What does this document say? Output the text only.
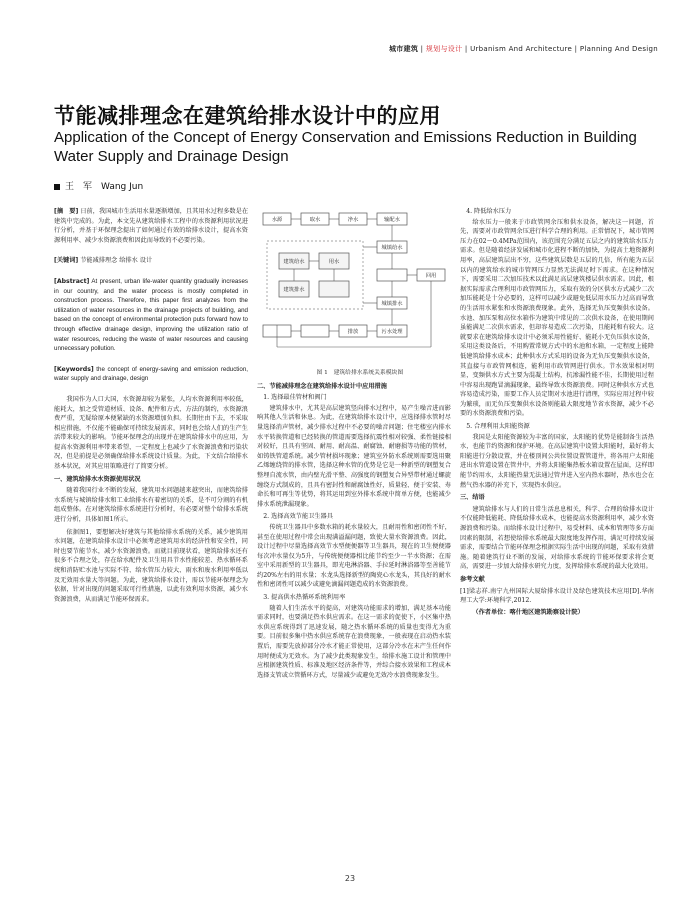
城市建筑 | 规划与设计 | Urbanism And Architecture | Planning And Design
节能减排理念在建筑给排水设计中的应用
Application of the Concept of Energy Conservation and Emissions Reduction in Building Water Supply and Drainage Design
王　军　Wang Jun

[摘　要] 日前，我国城市生活用水量逐渐增加，且其用水过程多数是在建筑中完成的。为此，本文先从建筑给排水工程中的水资源利用状况进行分析，并基于环保理念提出了如何通过有效的给排水设计，提高水资源利用率、减少水资源浪费和因此而导致的不必要污染。

[关键词] 节能减排理念 给排水 设计

[Abstract] At present, urban life-water quantity gradually increases in our country, and the water process is mostly completed in construction process. Therefore, this paper first analyzes from the utilization of water resources in the drainage projects of building, and based on the concept of environmental protection puts forward how to through effective drainage design, improving the utilization ratio of water resources, reducing the waste of water resources and causing unnecessary pollution.

[Keywords] the concept of energy-saving and emission reduction, water supply and drainage, design

我国作为人口大国，水资源却较为紧张，人均水资源利用率较低，能耗大，加之受管道材质、设备、配件和方式、方法的制约，水资源浪费严重，无疑给原本便紧缺的水资源增加负担。长期往由下去，不采取相应措施，不仅能不能确保可持续发展需求，同时也会给人们的生产生活带来较大的影响。节能环保理念的出现并在建筑给排水中的应用，为提高水资源利用率带来希望，一定程度上也减少了水资源浪费和污染状况，但是前提是必须确保给排水系统设计质量。为此，下文结合给排水基本状况，对其应用策略进行了简要分析。

一、建筑给排水水资源使用状况

随着我国行业不断的发展，建筑用水问题越来越突出，而建筑给排水系统与城镇给排水和工业给排水有着密切的关系，是不可分割的有机组成整体。在对建筑给排水系统进行分析时，有必要对整个给排水系统进行分析，具体如图1所示。

依据图1，要想解决好建筑与其他给排水系统的关系，减少建筑用水问题，在建筑给排水设计中必须考虑建筑用水的经济性和安全性，同时也要节能节水，减少水资源浪费。而就目前现状看，建筑给排水还有很多不合理之处，存在给水配件及卫生用具节水性能较差、热水循环系统和消防贮水池与实际不符、给水管压力较大、雨水和废水利用率低以及无效用水量大等问题。为此，建筑给排水设计，需以节能环保理念为依据，针对出现的问题采取可行性措施，以此有效利用水资源，减少水资源浪费，从而满足节能环保需求。

水源	取水	净水	输配水
城镇给水
建筑给水	用水
建筑排水
城镇排水
污水处理
排放
回用

图 1　建筑给排水系统关系模块图

二、节能减排理念在建筑给排水设计中应用措施

1. 选择最佳管材和阀门

建筑排水中，尤其是高层建筑竖向排水过程中，易产生噪音进而影响其他人生活和休息。为此，在建筑给排水设计中，应选择排水管时尽量选择消声管材，减少排水过程中不必要的噪音问题；住宅楼室内排水水平转换管道和已经转换的管道需要选择抗震性相对较强、柔性链接相对较好，且具有坚固、耐用、耐高温、耐腐蚀、耐磨损等功能的管材，如铸铁管道系统。减少管材损坏现象；建筑室外防水系统则需要选用聚乙烯缠绕管的排水管，选择这种水管的优势是它是一种新型的钢塑复合整埋自流水管，由内壁光滑平整、高强度的钢塑复合异型带材通过螺旋缠绕方式制成的，且具有密封性和耐腐蚀性好，质量轻、便于安装、寿命长和可再生等优势，将其运用到室外排水系统中简单方便，也能减少排水系统泄漏现象。

2. 选择高效节能卫生器具

传统卫生器具中多数水箱的耗水量较大，且耐用性和密闭性不好，甚至在使用过程中常会出现满溢漏问题，致使大量水资源浪费。因此，设计过程中尽量选择高效节水型便便器等卫生器具，现在的卫生便便器每次冲水量仅为5升，与传统便便器相比能节约至少一半水资源；在需室中采用新型的卫生器具，即光电淋浴器、手拉延时淋浴器等至善能节约20%左右的用水量；水龙头选择新型的陶瓷心水龙头，其良好的耐水性和密闭性可以减少或避免滴漏问题造成的水资源浪费。

3. 提高供水热循环系统利用率

随着人们生活水平的提高，对建筑功能需求的增加，满足基本功能需求同时，也要满足热水供应需求。在这一需求的促使下，小区集中热水供应系统得到了迅速发展，随之热水循环系统的质量也变得尤为重要。目前很多集中热水供应系统存在浪费现象，一般表现在启动热水装置后，需要先放掉部分冷水才能正常使用，这部分冷水在末产生任何作用时便成为无效水。为了减少此类现象发生，给排水施工设计和管理中应根据建筑性质、标准及地区经济条件等，并综合接水效果和工程成本选择支管或立管循环方式，尽量减少或避免无效冷水浪费现象发生。

4. 降低给水压力

给水压力一般来于市政管网余压和供水设备，解决这一问题，首先，需要对市政管网余压进行科学合理的利用。正常情况下，城市管网压力在02～0.4MPa范围内，该范围充分满足五层之内的建筑给水压力需求。但是随着经济发展和城市化进程不断的加快，为提高土地资源利用率，高层建筑层出不穷，这些建筑层数是五层的几倍，所有能为五层以内的建筑给水的城市管网压力显然无法满足时下需求。在这种情况下，需要采用二次加压技术以此满足高层建筑楼层供水需求。因此，根据实际需求合理利用市政管网压力，采取有效的分区供水方式减少二次加压能耗是十分必要的，这样可以减少或避免低层用水压力过高而导致的生活用水紧张和水资源浪费现象。此外，选择无负压变频供水设备。水池、加压泵和高位水箱作为建筑中常见的二次供水设备，在使用期间虽能满足二次供水需求，但却容易造成二次污染，且能耗和有较大。这就要求在建筑给排水设计中必须采用性能好、能耗小无负压供水设备，采用这类设备后，不用购置常规方式中的水池和水箱，一定程度上能降低建筑给排水成本；此种供水方式采用的设备为无负压变频供水设备，其直接与市政管网相连，能利用市政管网进行供水。节水效果相对明显，变频供水方式主要为混凝土结构，抗渗漏性能不佳，长期使用过程中容易出现跑冒滴漏现象，最终导致水资源浪费。同时这种供水方式也容易造成污染，需要工作人员定期对水池进行清理，实际应用过程中较为繁琐，而无负压变频供水设备则能最大限度地节省水资源，减少不必要的水资源浪费和污染。

5. 合理利用太阳能资源

我国是太阳能资源较为丰富的国家，太阳能的优势是能制备生活热水，也能节约资源和保护环境。在高层建筑中设置太阳能时，最好将太阳能进行分散设置，并在楼顶间公共位置设置管道井，将各用户太阳能进出水管道设置在管井中，并将太阳能集热板水箱设置在屋面，这样即能节约用水，太阳能热量无法通过管井进入室内热水器时，热水也会在燃气热水器的补充下，实现热水供应。

三、结语

建筑给排水与人们的日常生活息息相关，科学、合理的给排水设计不仅能降低能耗、降低给排水成本，也能提高水资源利用率，减少水资源浪费和污染。而给排水设计过程中，易受材料、成本和管理等多方面因素的限制，若想使给排水系统最大限度地发挥作用，满足可持续发展需求，需要结合节能环保理念根据实际生活中出现的问题，采取有效措施。随着建筑行业不断的发展，对给排水系统的节能环保要求将会更高，需要进一步加大给排水研究力度，发挥给排水系统的最大化效用。

参考文献

[1]梁志祥.南宁九州国际大厦给排水设计及绿色建筑技术应用[D].华南理工大学:环境科学,2012.

（作者单位：喀什地区建筑勘察设计院）

23
